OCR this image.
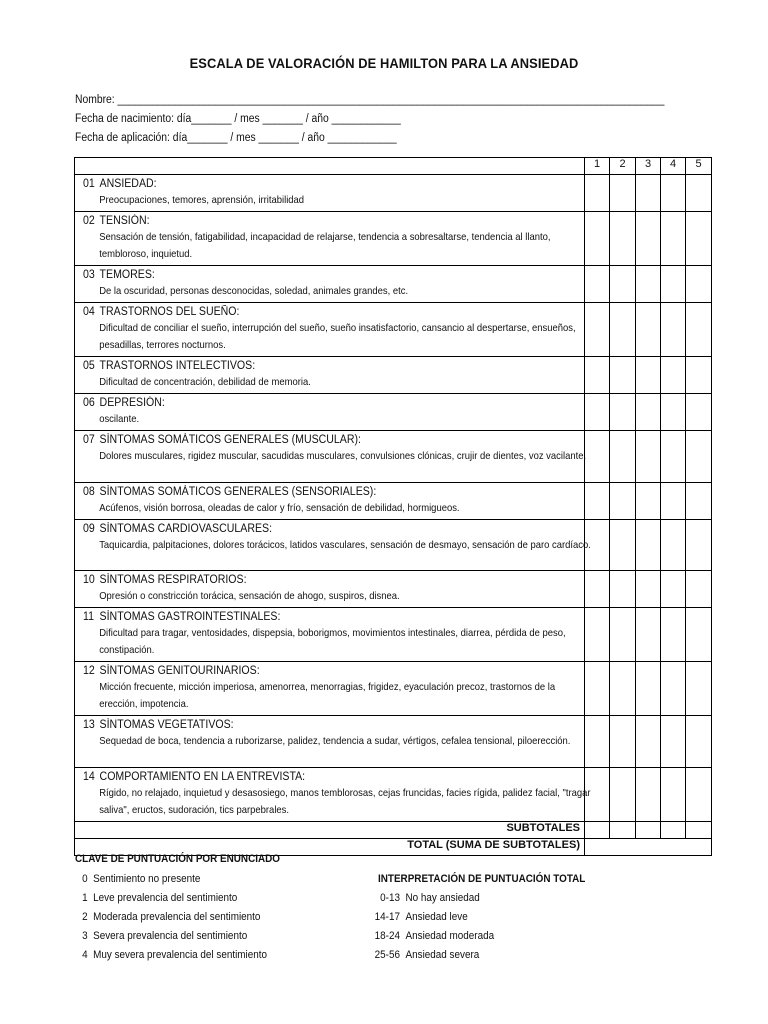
ESCALA DE VALORACIÓN DE HAMILTON PARA LA ANSIEDAD
Nombre: _______________________________________________________________________________________________
Fecha de nacimiento: día_______ / mes _______ / año ____________
Fecha de aplicación: día_______ / mes _______ / año ____________
	1	2	3	4	5

01 ANSIEDAD:
Preocupaciones, temores, aprensión, irritabilidad					

02 TENSIÓN:
Sensación de tensión, fatigabilidad, incapacidad de relajarse, tendencia a sobresaltarse, tendencia al llanto, tembloroso, inquietud.					

03 TEMORES:
De la oscuridad, personas desconocidas, soledad, animales grandes, etc.					

04 TRASTORNOS DEL SUEÑO:
Dificultad de conciliar el sueño, interrupción del sueño, sueño insatisfactorio, cansancio al despertarse, ensueños, pesadillas, terrores nocturnos.					

05 TRASTORNOS INTELECTIVOS:
Dificultad de concentración, debilidad de memoria.					

06 DEPRESIÓN:
oscilante.					

07 SÍNTOMAS SOMÁTICOS GENERALES (MUSCULAR):
Dolores musculares, rigidez muscular, sacudidas musculares, convulsiones clónicas, crujir de dientes, voz vacilante.					

08 SÍNTOMAS SOMÁTICOS GENERALES (SENSORIALES):
Acúfenos, visión borrosa, oleadas de calor y frío, sensación de debilidad, hormigueos.					

09 SÍNTOMAS CARDIOVASCULARES:
Taquicardia, palpitaciones, dolores torácicos, latidos vasculares, sensación de desmayo, sensación de paro cardíaco.					

10 SÍNTOMAS RESPIRATORIOS:
Opresión o constricción torácica, sensación de ahogo, suspiros, disnea.					

11 SÍNTOMAS GASTROINTESTINALES:
Dificultad para tragar, ventosidades, dispepsia, boborigmos, movimientos intestinales, diarrea, pérdida de peso, constipación.					

12 SÍNTOMAS GENITOURINARIOS:
Micción frecuente, micción imperiosa, amenorrea, menorragias, frigidez, eyaculación precoz, trastornos de la erección, impotencia.					

13 SÍNTOMAS VEGETATIVOS:
Sequedad de boca, tendencia a ruborizarse, palidez, tendencia a sudar, vértigos, cefalea tensional, piloerección.					

14 COMPORTAMIENTO EN LA ENTREVISTA:
Rígido, no relajado, inquietud y desasosiego, manos temblorosas, cejas fruncidas, facies rígida, palidez facial, "tragar saliva", eructos, sudoración, tics parpebrales.					

SUBTOTALES					
TOTAL (SUMA DE SUBTOTALES)					
CLAVE DE PUNTUACIÓN POR ENUNCIADO
0 Sentimiento no presente
1 Leve prevalencia del sentimiento
2 Moderada prevalencia del sentimiento
3 Severa prevalencia del sentimiento
4 Muy severa prevalencia del sentimiento
INTERPRETACIÓN DE PUNTUACIÓN TOTAL
0-13 No hay ansiedad
14-17 Ansiedad leve
18-24 Ansiedad moderada
25-56 Ansiedad severa
